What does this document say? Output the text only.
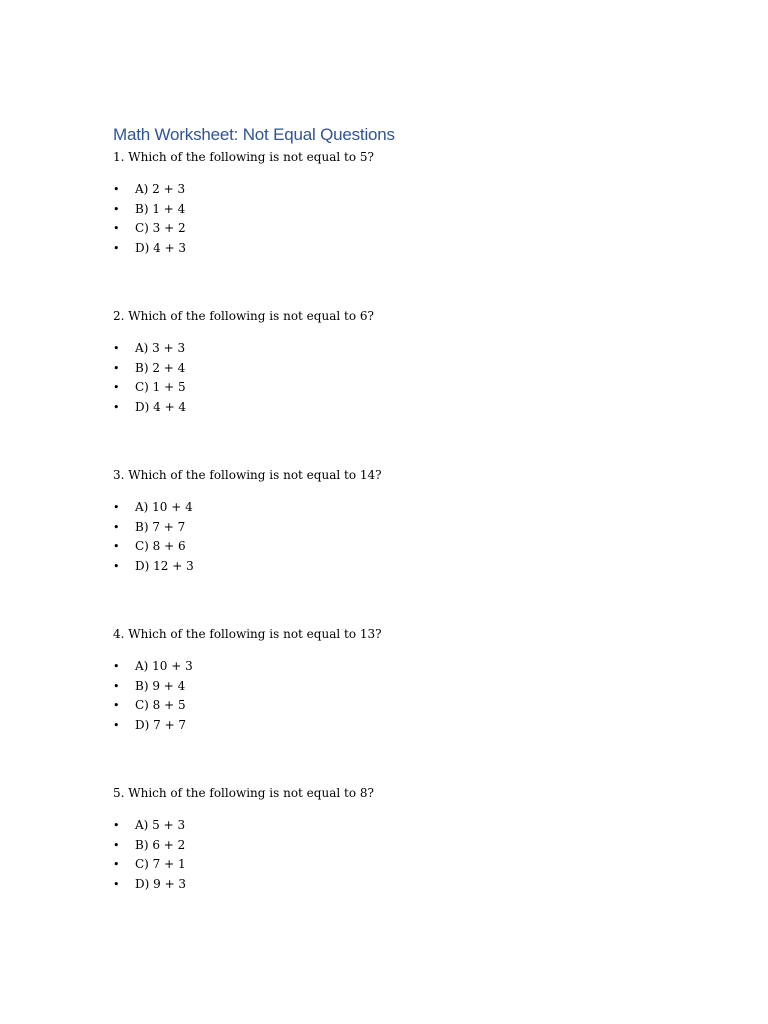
Math Worksheet: Not Equal Questions

1. Which of the following is not equal to 5?

• A) 2 + 3
• B) 1 + 4
• C) 3 + 2
• D) 4 + 3

2. Which of the following is not equal to 6?

• A) 3 + 3
• B) 2 + 4
• C) 1 + 5
• D) 4 + 4

3. Which of the following is not equal to 14?

• A) 10 + 4
• B) 7 + 7
• C) 8 + 6
• D) 12 + 3

4. Which of the following is not equal to 13?

• A) 10 + 3
• B) 9 + 4
• C) 8 + 5
• D) 7 + 7

5. Which of the following is not equal to 8?

• A) 5 + 3
• B) 6 + 2
• C) 7 + 1
• D) 9 + 3
